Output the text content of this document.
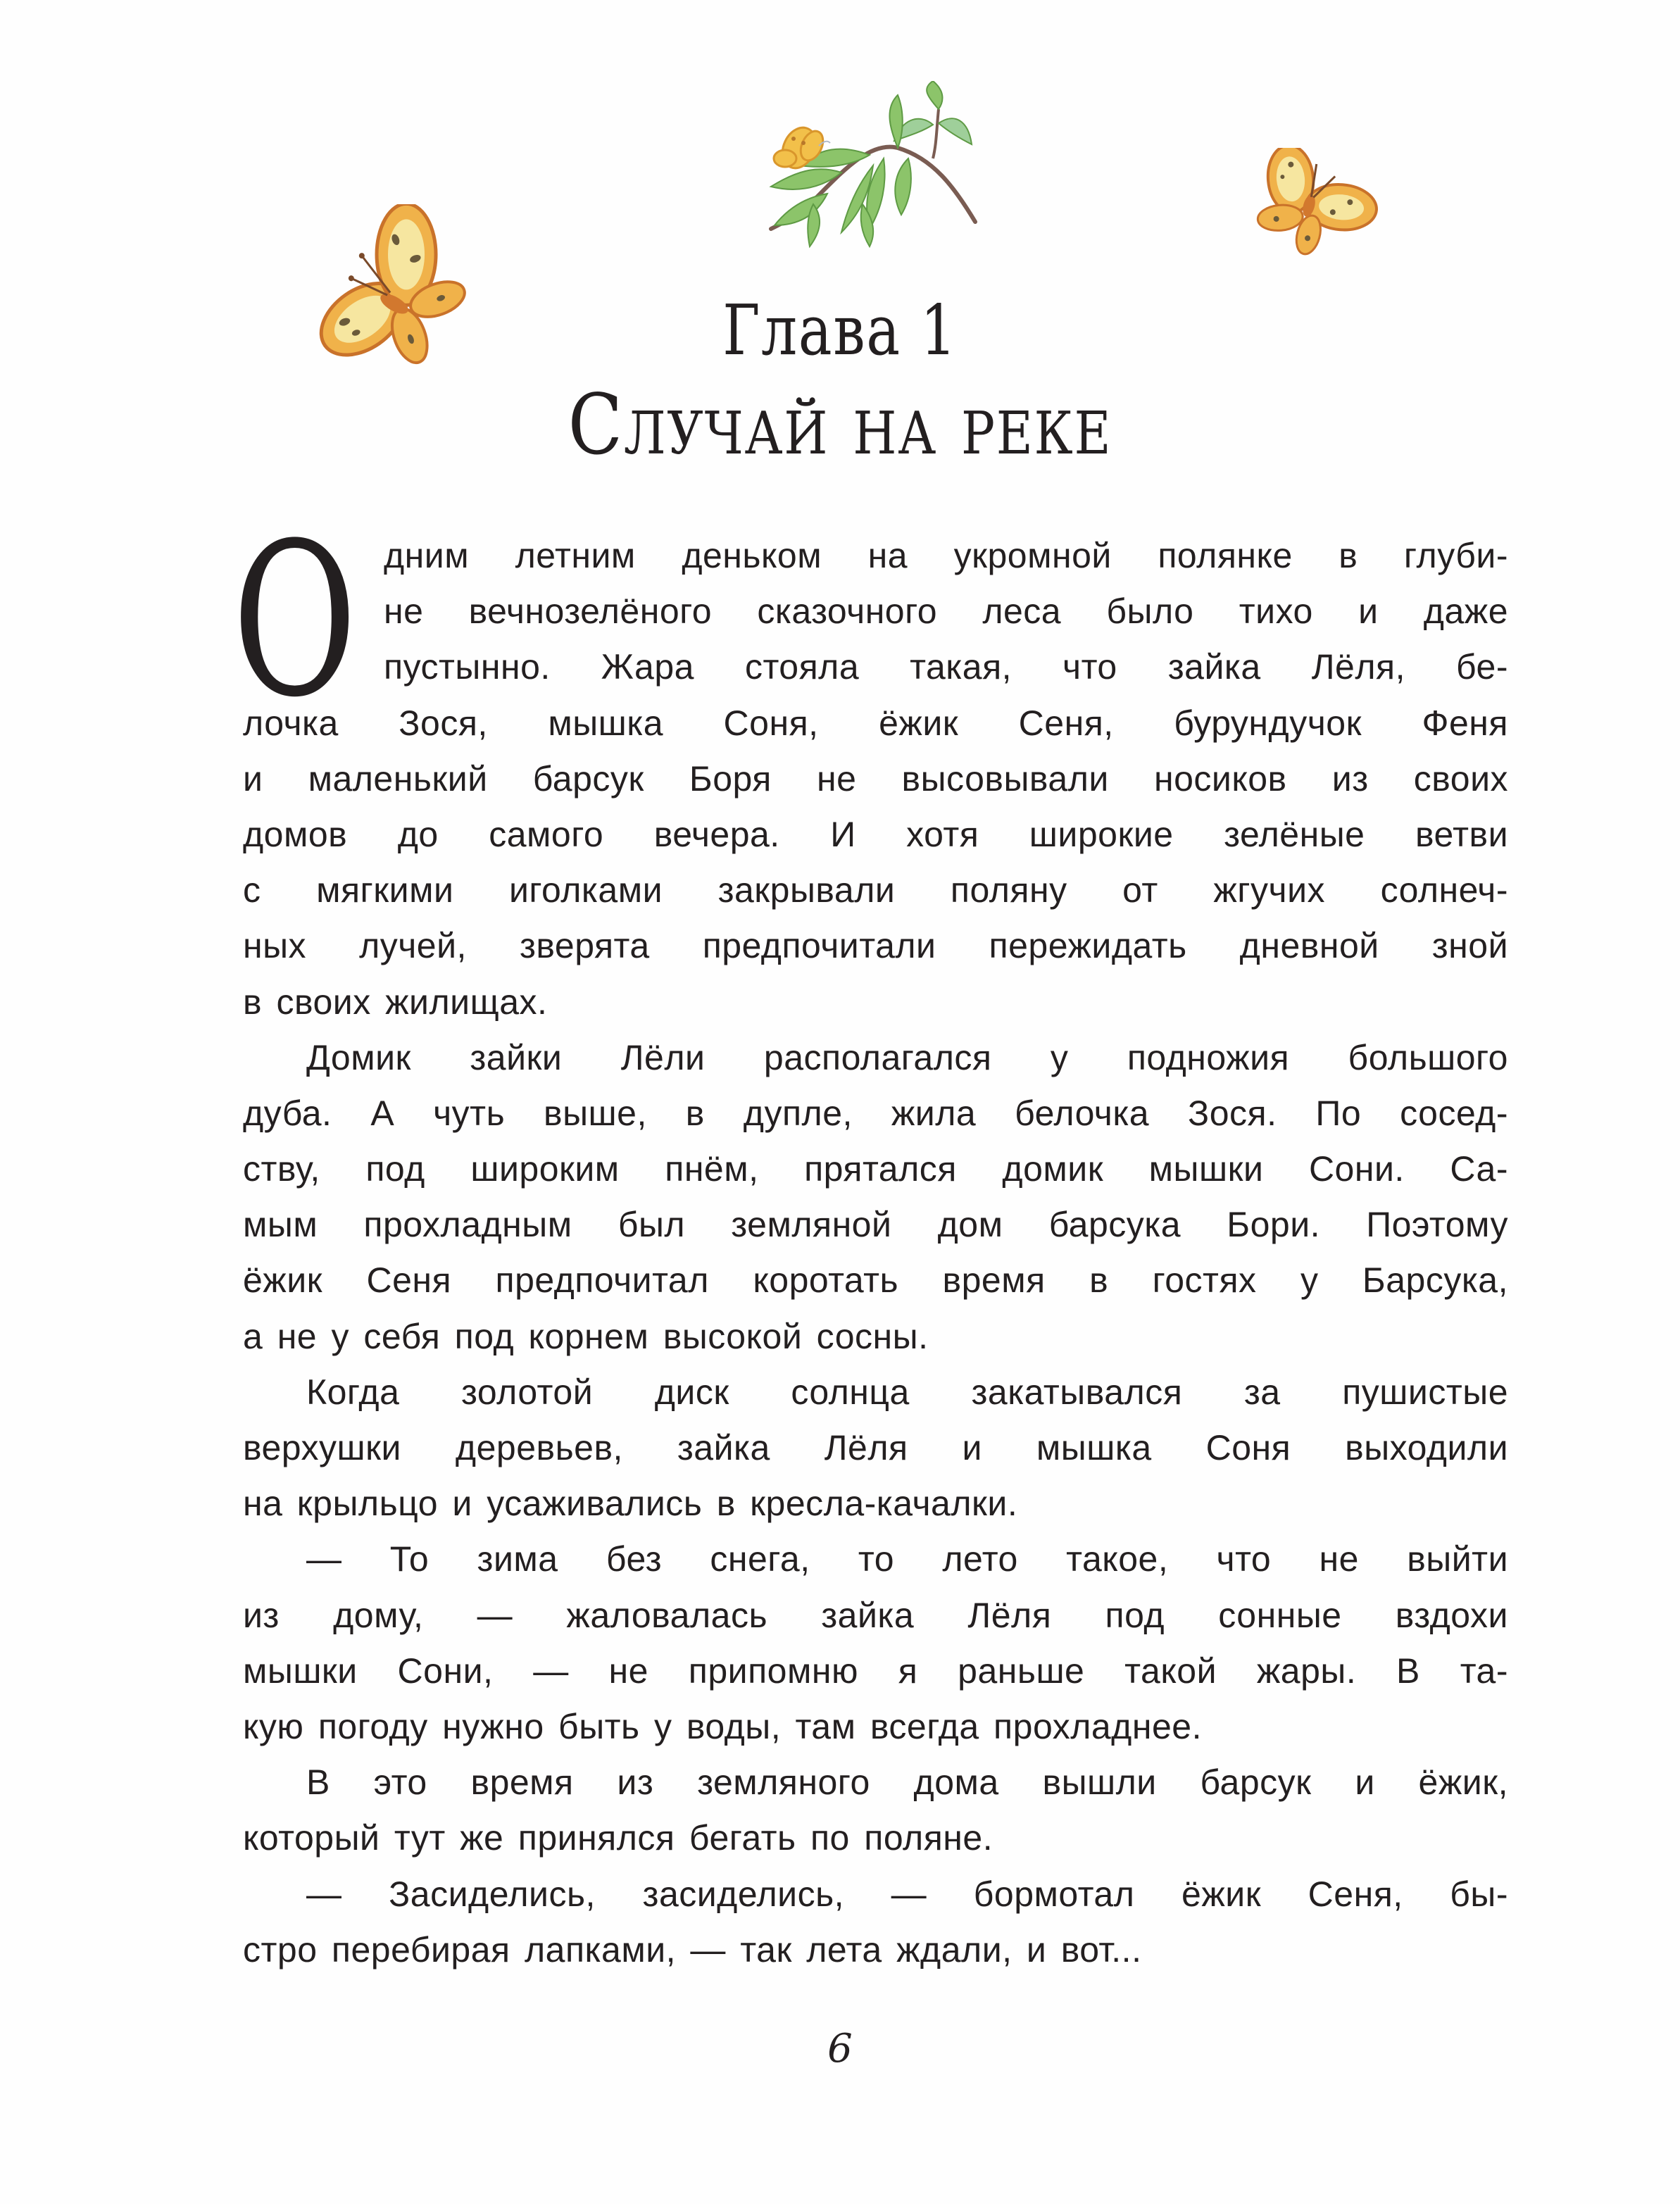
Глава 1
Случай на реке
О дним летним деньком на укромной полянке в глуби-
не вечнозелёного сказочного леса было тихо и даже
пустынно. Жара стояла такая, что зайка Лёля, бе-
лочка Зося, мышка Соня, ёжик Сеня, бурундучок Феня
и маленький барсук Боря не высовывали носиков из своих
домов до самого вечера. И хотя широкие зелёные ветви
с мягкими иголками закрывали поляну от жгучих солнеч-
ных лучей, зверята предпочитали пережидать дневной зной
в своих жилищах.
Домик зайки Лёли располагался у подножия большого
дуба. А чуть выше, в дупле, жила белочка Зося. По сосед-
ству, под широким пнём, прятался домик мышки Сони. Са-
мым прохладным был земляной дом барсука Бори. Поэтому
ёжик Сеня предпочитал коротать время в гостях у Барсука,
а не у себя под корнем высокой сосны.
Когда золотой диск солнца закатывался за пушистые
верхушки деревьев, зайка Лёля и мышка Соня выходили
на крыльцо и усаживались в кресла-качалки.
— То зима без снега, то лето такое, что не выйти
из дому, — жаловалась зайка Лёля под сонные вздохи
мышки Сони, — не припомню я раньше такой жары. В та-
кую погоду нужно быть у воды, там всегда прохладнее.
В это время из земляного дома вышли барсук и ёжик,
который тут же принялся бегать по поляне.
— Засиделись, засиделись, — бормотал ёжик Сеня, бы-
стро перебирая лапками, — так лета ждали, и вот...
6
